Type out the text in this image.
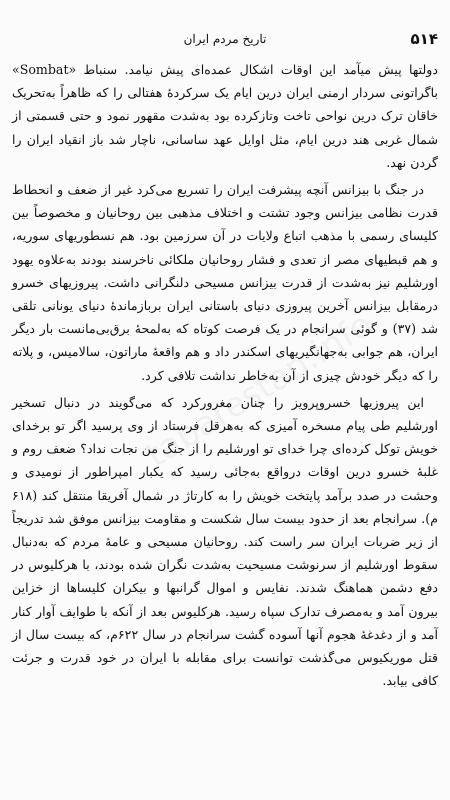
۵۱۴
تاریخ مردم ایران

دولتها پیش میآمد این اوقات اشکال عمده‌ای پیش نیامد. سنباط «Sombat» باگراتونی سردار ارمنی ایران درین ایام یک سرکردهٔ هفتالی را که ظاهراً به‌تحریک خاقان ترک درین نواحی تاخت وتازکرده بود به‌شدت مقهور نمود و حتی قسمتی از شمال غربی هند درین ایام، مثل اوایل عهد ساسانی، ناچار شد باز انقیاد ایران را گردن نهد.

در جنگ با بیزانس آنچه پیشرفت ایران را تسریع می‌کرد غیر از ضعف و انحطاط قدرت نظامی بیزانس وجود تشتت و اختلاف مذهبی بین روحانیان و مخصوصاً بین کلیسای رسمی با مذهب اتباع ولایات در آن سرزمین بود. هم نسطوریهای سوریه، و هم قبطیهای مصر از تعدی و فشار روحانیان ملکائی ناخرسند بودند به‌علاوه یهود اورشلیم نیز به‌شدت از قدرت بیزانس مسیحی دلنگرانی داشت. پیروزیهای خسرو درمقابل بیزانس آخرین پیروزی دنیای باستانی ایران بربازماندهٔ دنیای یونانی تلقی شد (۳۷) و گوئی سرانجام در یک فرصت کوتاه که به‌لمحهٔ برق‌بی‌مانست بار دیگر ایران، هم جوابی به‌جهانگیریهای اسکندر داد و هم واقعهٔ ماراتون، سالامیس، و پلاته را که دیگر خودش چیزی از آن به‌خاطر نداشت تلافی کرد.

این پیروزیها خسروپرویز را چنان مغرورکرد که می‌گویند در دنبال تسخیر اورشلیم طی پیام مسخره آمیزی که به‌هرقل فرستاد از وی پرسید اگر تو برخدای خویش توکل کرده‌ای چرا خدای تو اورشلیم را از جنگ من نجات نداد؟ ضعف روم و غلبهٔ خسرو درین اوقات درواقع به‌جائی رسید که یکبار امپراطور از نومیدی و وحشت در صدد برآمد پایتخت خویش را به کارتاژ در شمال آفریقا منتقل کند (۶۱۸ م). سرانجام بعد از حدود بیست سال شکست و مقاومت بیزانس موفق شد تدریجاً از زیر ضربات ایران سر راست کند. روحانیان مسیحی و عامهٔ مردم که به‌دنبال سقوط اورشلیم از سرنوشت مسیحیت به‌شدت نگران شده بودند، با هرکلیوس در دفع دشمن هماهنگ شدند. نفایس و اموال گرانبها و بیکران کلیساها از خزاین بیرون آمد و به‌مصرف تدارک سپاه رسید. هرکلیوس بعد از آنکه با طوایف آوار کنار آمد و از دغدغهٔ هجوم آنها آسوده گشت سرانجام در سال ۶۲۲م، که بیست سال از قتل موریکیوس می‌گذشت توانست برای مقابله با ایران در خود قدرت و جرئت کافی بیابد.
